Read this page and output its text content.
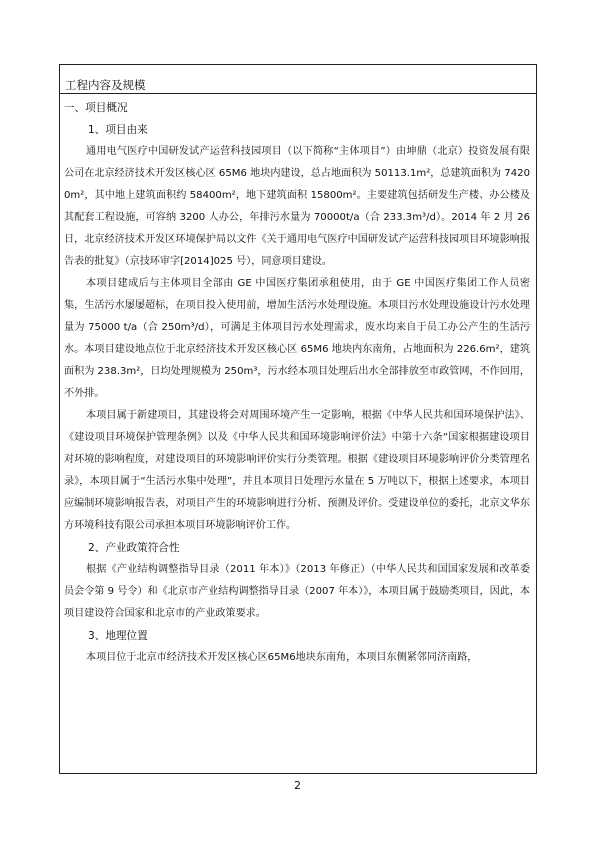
工程内容及规模

一、项目概况

1、项目由来

通用电气医疗中国研发试产运营科技园项目（以下简称“主体项目”）由坤鼎（北京）投资发展有限公司在北京经济技术开发区核心区 65M6 地块内建设，总占地面积为 50113.1m²，总建筑面积为 74200m²，其中地上建筑面积约 58400m²，地下建筑面积 15800m²。主要建筑包括研发生产楼、办公楼及其配套工程设施，可容纳 3200 人办公，年排污水量为 70000t/a（合 233.3m³/d）。2014 年 2 月 26 日，北京经济技术开发区环境保护局以文件《关于通用电气医疗中国研发试产运营科技园项目环境影响报告表的批复》（京技环审字[2014]025 号），同意项目建设。

本项目建成后与主体项目全部由 GE 中国医疗集团承租使用，由于 GE 中国医疗集团工作人员密集，生活污水屡屡超标，在项目投入使用前，增加生活污水处理设施。本项目污水处理设施设计污水处理量为 75000 t/a（合 250m³/d），可满足主体项目污水处理需求，废水均来自于员工办公产生的生活污水。本项目建设地点位于北京经济技术开发区核心区 65M6 地块内东南角，占地面积为 226.6m²，建筑面积为 238.3m²，日均处理规模为 250m³，污水经本项目处理后出水全部排放至市政管网，不作回用，不外排。

本项目属于新建项目，其建设将会对周围环境产生一定影响，根据《中华人民共和国环境保护法》、《建设项目环境保护管理条例》以及《中华人民共和国环境影响评价法》中第十六条“国家根据建设项目对环境的影响程度，对建设项目的环境影响评价实行分类管理。根据《建设项目环境影响评价分类管理名录》，本项目属于“生活污水集中处理”，并且本项目日处理污水量在 5 万吨以下，根据上述要求，本项目应编制环境影响报告表，对项目产生的环境影响进行分析、预测及评价。受建设单位的委托，北京文华东方环境科技有限公司承担本项目环境影响评价工作。

2、产业政策符合性

根据《产业结构调整指导目录（2011 年本）》（2013 年修正）（中华人民共和国国家发展和改革委员会令第 9 号令）和《北京市产业结构调整指导目录（2007 年本）》，本项目属于鼓励类项目，因此，本项目建设符合国家和北京市的产业政策要求。

3、地理位置

本项目位于北京市经济技术开发区核心区65M6地块东南角，本项目东侧紧邻同济南路，

2
